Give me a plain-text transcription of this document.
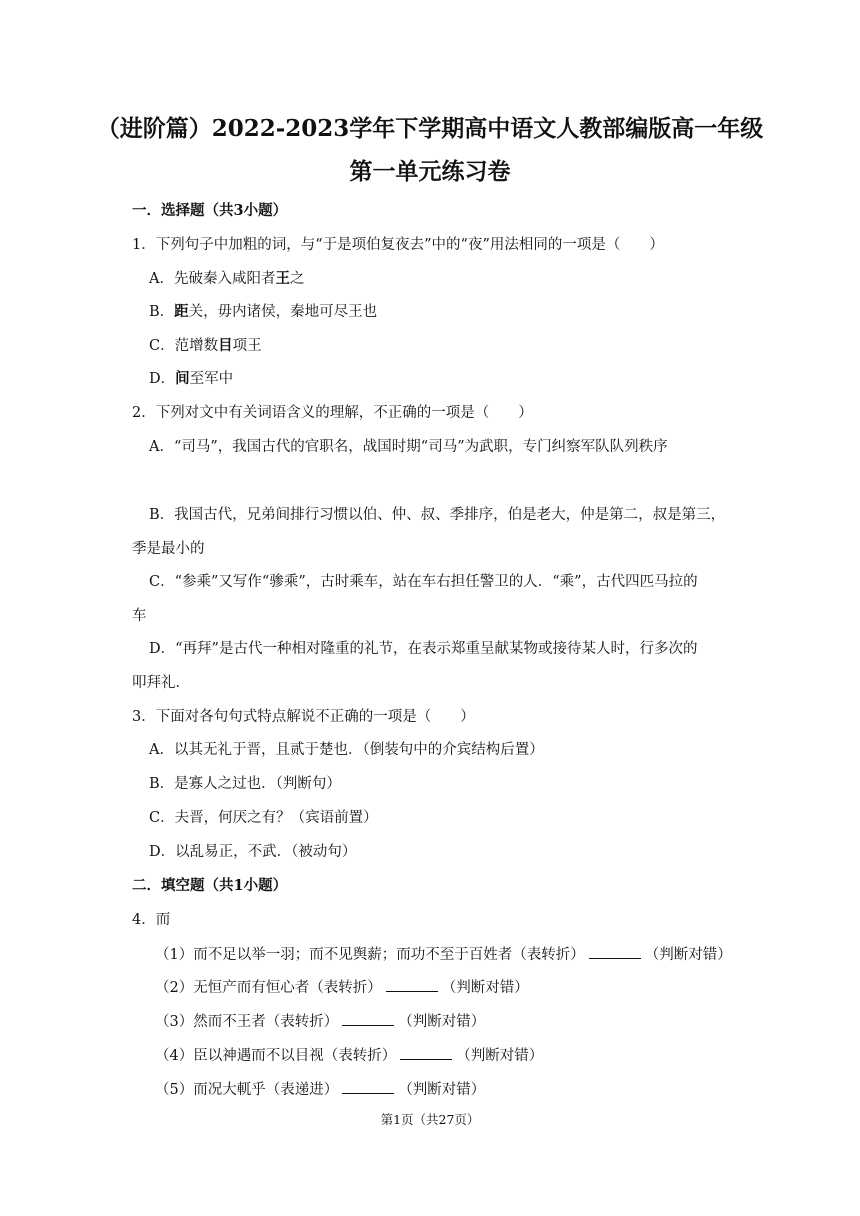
（进阶篇）2022-2023学年下学期高中语文人教部编版高一年级
第一单元练习卷
一．选择题（共3小题）
1．下列句子中加粗的词，与“于是项伯复夜去”中的“夜”用法相同的一项是（　　）
A．先破秦入咸阳者王之
B．距关，毋内诸侯，秦地可尽王也
C．范增数目项王
D．间至军中
2．下列对文中有关词语含义的理解，不正确的一项是（　　）
A．“司马”，我国古代的官职名，战国时期“司马”为武职，专门纠察军队队列秩序
B．我国古代，兄弟间排行习惯以伯、仲、叔、季排序，伯是老大，仲是第二，叔是第三，
季是最小的
C．“参乘”又写作“骖乘”，古时乘车，站在车右担任警卫的人．“乘”，古代四匹马拉的
车
D．“再拜”是古代一种相对隆重的礼节，在表示郑重呈献某物或接待某人时，行多次的
叩拜礼．
3．下面对各句句式特点解说不正确的一项是（　　）
A．以其无礼于晋，且贰于楚也．（倒装句中的介宾结构后置）
B．是寡人之过也．（判断句）
C．夫晋，何厌之有？（宾语前置）
D．以乱易正，不武．（被动句）
二．填空题（共1小题）
4．而
（1）而不足以举一羽；而不见舆薪；而功不至于百姓者（表转折）	（判断对错）
（2）无恒产而有恒心者（表转折）	（判断对错）
（3）然而不王者（表转折）	（判断对错）
（4）臣以神遇而不以目视（表转折）	（判断对错）
（5）而况大軏乎（表递进）	（判断对错）
第1页（共27页）
